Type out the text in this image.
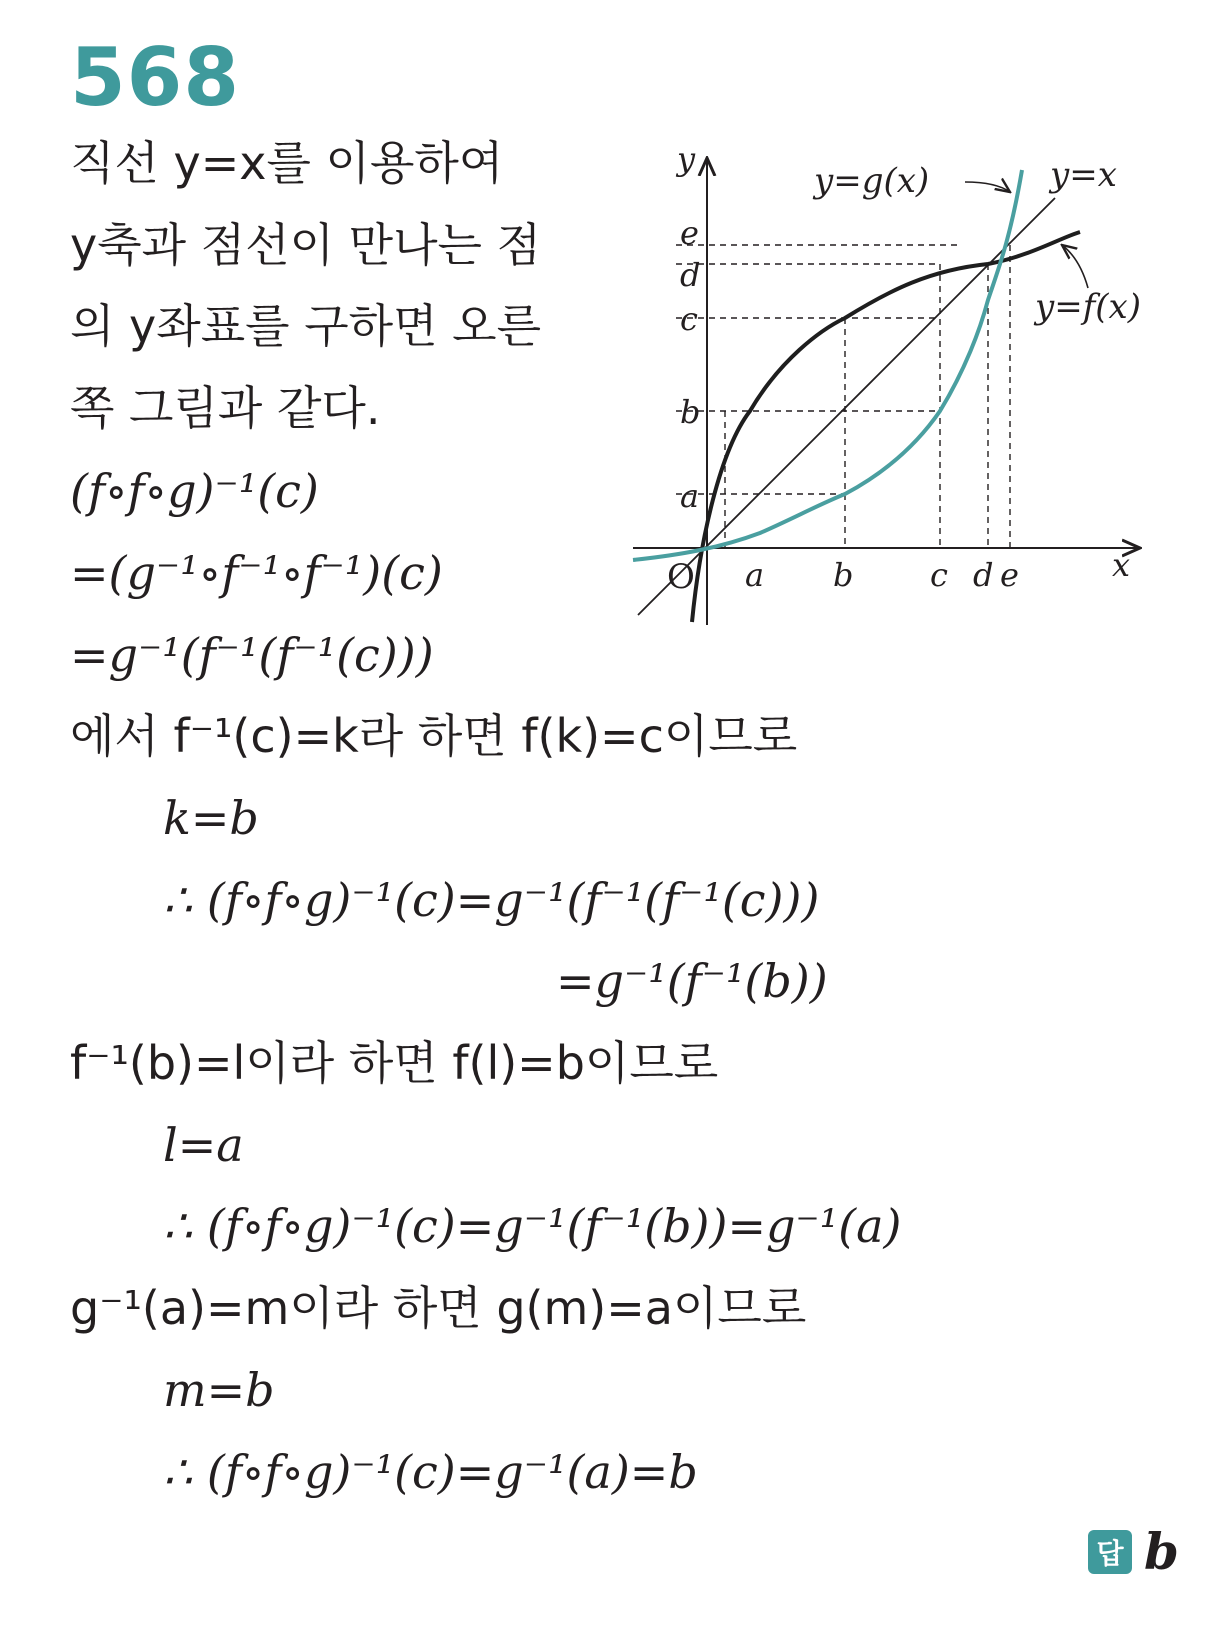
568
직선 y=x를 이용하여
y축과 점선이 만나는 점
의 y좌표를 구하면 오른
쪽 그림과 같다.
(f∘f∘g)⁻¹(c)
=(g⁻¹∘f⁻¹∘f⁻¹)(c)
=g⁻¹(f⁻¹(f⁻¹(c)))
에서 f⁻¹(c)=k라 하면 f(k)=c이므로
k=b
∴ (f∘f∘g)⁻¹(c)=g⁻¹(f⁻¹(f⁻¹(c)))
=g⁻¹(f⁻¹(b))
f⁻¹(b)=l이라 하면 f(l)=b이므로
l=a
∴ (f∘f∘g)⁻¹(c)=g⁻¹(f⁻¹(b))=g⁻¹(a)
g⁻¹(a)=m이라 하면 g(m)=a이므로
m=b
∴ (f∘f∘g)⁻¹(c)=g⁻¹(a)=b
답 b
y
x
O
y=g(x)	y=x
y=f(x)
e
d
c
b
a
a b c d e
